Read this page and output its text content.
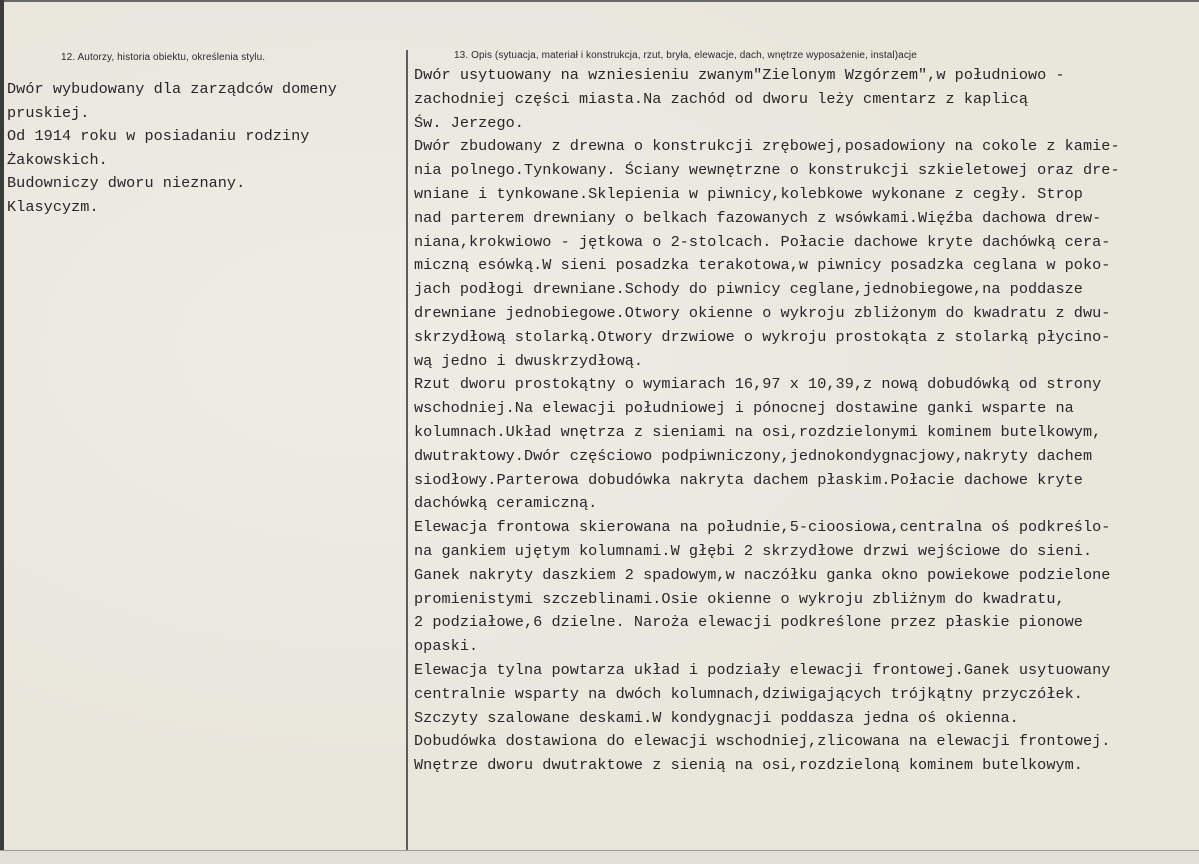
12. Autorzy, historia obiektu, określenia stylu.	13. Opis (sytuacja, materiał i konstrukcja, rzut, bryła, elewacje, dach, wnętrze wyposażenie, instal)acje
Dwór wybudowany dla zarządców domeny
pruskiej.
Od 1914 roku w posiadaniu rodziny
Żakowskich.
Budowniczy dworu nieznany.
Klasycyzm.
Dwór usytuowany na wzniesieniu zwanym"Zielonym Wzgórzem",w południowo -
zachodniej części miasta.Na zachód od dworu leży cmentarz z kaplicą
Św. Jerzego.
Dwór zbudowany z drewna o konstrukcji zrębowej,posadowiony na cokole z kamie-
nia polnego.Tynkowany. Ściany wewnętrzne o konstrukcji szkieletowej oraz dre-
wniane i tynkowane.Sklepienia w piwnicy,kolebkowe wykonane z cegły. Strop
nad parterem drewniany o belkach fazowanych z wsówkami.Więźba dachowa drew-
niana,krokwiowo - jętkowa o 2-stolcach. Połacie dachowe kryte dachówką cera-
miczną esówką.W sieni posadzka terakotowa,w piwnicy posadzka ceglana w poko-
jach podłogi drewniane.Schody do piwnicy ceglane,jednobiegowe,na poddasze
drewniane jednobiegowe.Otwory okienne o wykroju zbliżonym do kwadratu z dwu-
skrzydłową stolarką.Otwory drzwiowe o wykroju prostokąta z stolarką płycino-
wą jedno i dwuskrzydłową.
Rzut dworu prostokątny o wymiarach 16,97 x 10,39,z nową dobudówką od strony
wschodniej.Na elewacji południowej i pónocnej dostawine ganki wsparte na
kolumnach.Układ wnętrza z sieniami na osi,rozdzielonymi kominem butelkowym,
dwutraktowy.Dwór częściowo podpiwniczony,jednokondygnacjowy,nakryty dachem
siodłowy.Parterowa dobudówka nakryta dachem płaskim.Połacie dachowe kryte
dachówką ceramiczną.
Elewacja frontowa skierowana na południe,5-cioosiowa,centralna oś podkreślo-
na gankiem ujętym kolumnami.W głębi 2 skrzydłowe drzwi wejściowe do sieni.
Ganek nakryty daszkiem 2 spadowym,w naczółku ganka okno powiekowe podzielone
promienistymi szczeblinami.Osie okienne o wykroju zbliżnym do kwadratu,
2 podziałowe,6 dzielne. Naroża elewacji podkreślone przez płaskie pionowe
opaski.
Elewacja tylna powtarza układ i podziały elewacji frontowej.Ganek usytuowany
centralnie wsparty na dwóch kolumnach,dziwigających trójkątny przyczółek.
Szczyty szalowane deskami.W kondygnacji poddasza jedna oś okienna.
Dobudówka dostawiona do elewacji wschodniej,zlicowana na elewacji frontowej.
Wnętrze dworu dwutraktowe z sienią na osi,rozdzieloną kominem butelkowym.
